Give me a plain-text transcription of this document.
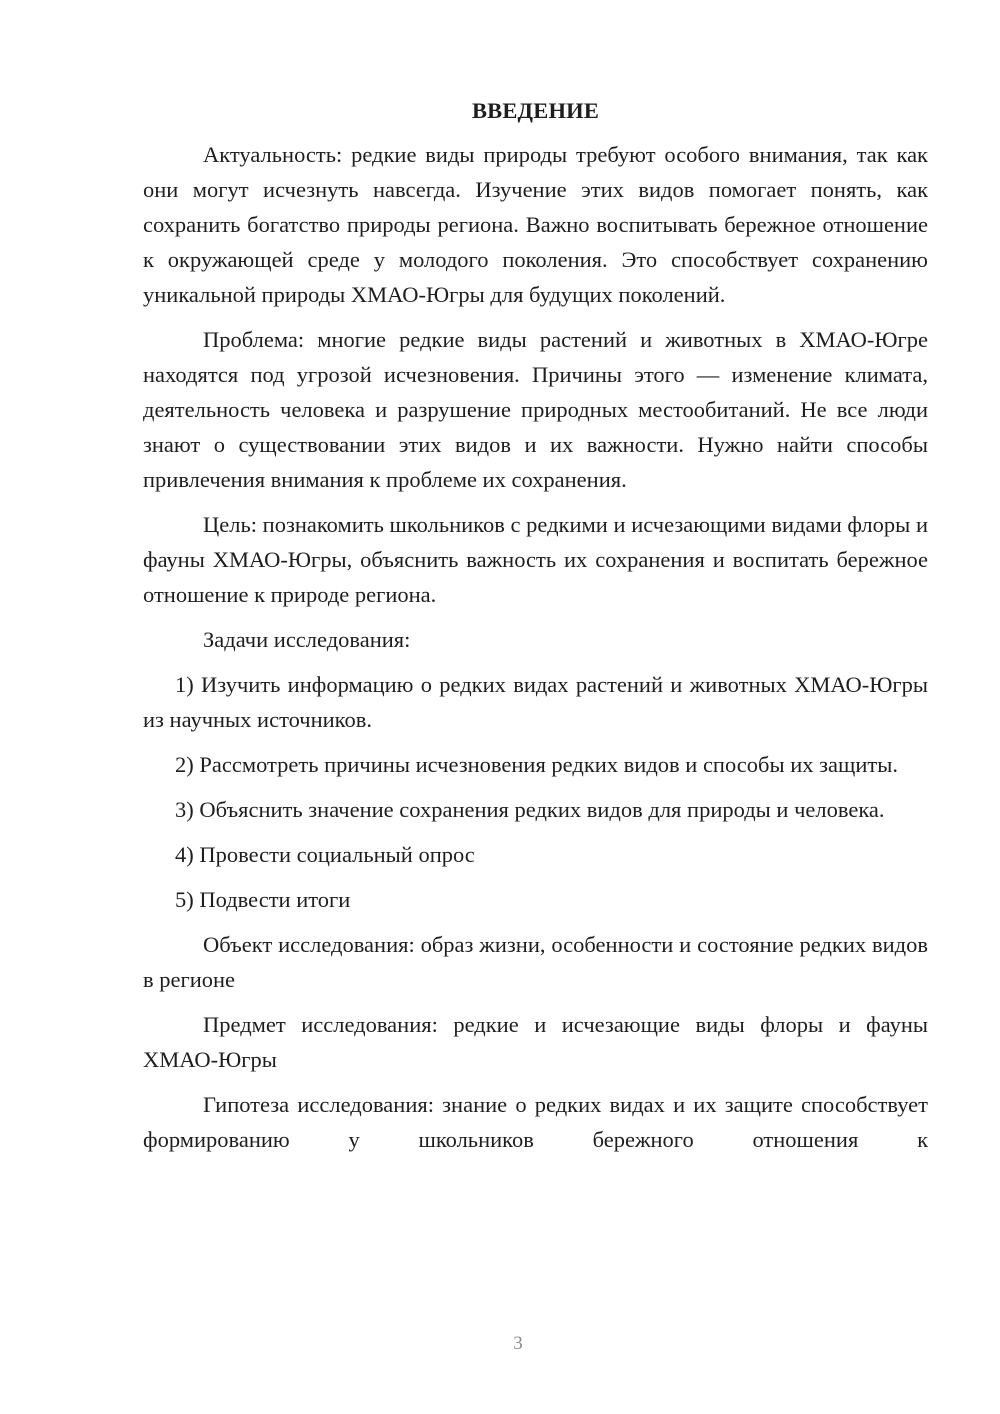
ВВЕДЕНИЕ

Актуальность: редкие виды природы требуют особого внимания, так как они могут исчезнуть навсегда. Изучение этих видов помогает понять, как сохранить богатство природы региона. Важно воспитывать бережное отношение к окружающей среде у молодого поколения. Это способствует сохранению уникальной природы ХМАО-Югры для будущих поколений.

Проблема: многие редкие виды растений и животных в ХМАО-Югре находятся под угрозой исчезновения. Причины этого — изменение климата, деятельность человека и разрушение природных местообитаний. Не все люди знают о существовании этих видов и их важности. Нужно найти способы привлечения внимания к проблеме их сохранения.

Цель: познакомить школьников с редкими и исчезающими видами флоры и фауны ХМАО-Югры, объяснить важность их сохранения и воспитать бережное отношение к природе региона.

Задачи исследования:

1) Изучить информацию о редких видах растений и животных ХМАО-Югры из научных источников.

2) Рассмотреть причины исчезновения редких видов и способы их защиты.

3) Объяснить значение сохранения редких видов для природы и человека.

4) Провести социальный опрос

5) Подвести итоги

Объект исследования: образ жизни, особенности и состояние редких видов в регионе

Предмет исследования: редкие и исчезающие виды флоры и фауны ХМАО-Югры

Гипотеза исследования: знание о редких видах и их защите способствует формированию у школьников бережного отношения к

3
